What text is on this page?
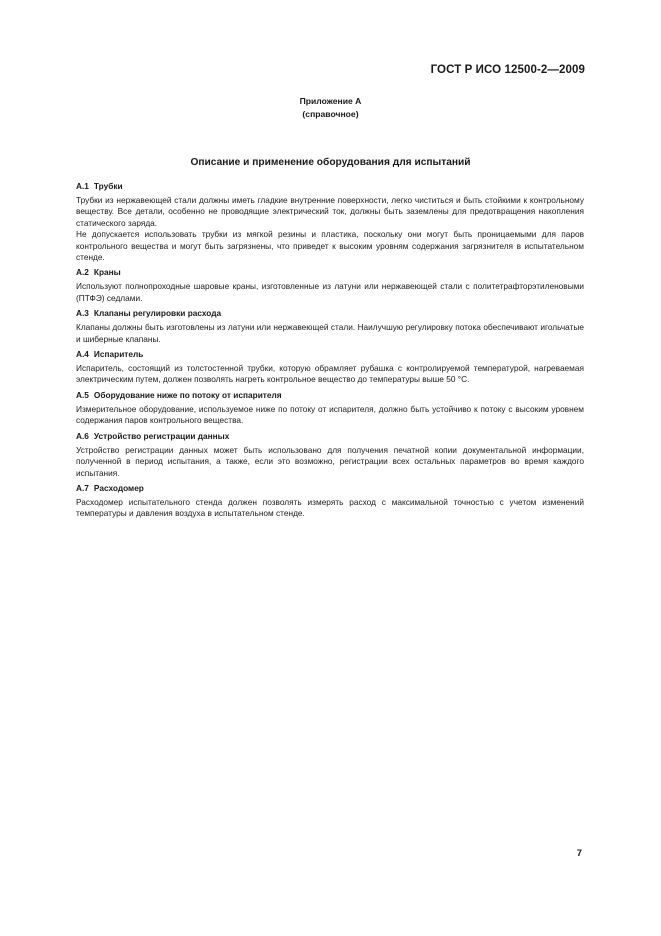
ГОСТ Р ИСО 12500-2—2009
Приложение А
(справочное)
Описание и применение оборудования для испытаний
А.1 Трубки

Трубки из нержавеющей стали должны иметь гладкие внутренние поверхности, легко чиститься и быть стойкими к контрольному веществу. Все детали, особенно не проводящие электрический ток, должны быть заземлены для предотвращения накопления статического заряда.

Не допускается использовать трубки из мягкой резины и пластика, поскольку они могут быть проницаемыми для паров контрольного вещества и могут быть загрязнены, что приведет к высоким уровням содержания загрязнителя в испытательном стенде.

А.2 Краны

Используют полнопроходные шаровые краны, изготовленные из латуни или нержавеющей стали с политетрафторэтиленовыми (ПТФЭ) седлами.

А.3 Клапаны регулировки расхода

Клапаны должны быть изготовлены из латуни или нержавеющей стали. Наилучшую регулировку потока обеспечивают игольчатые и шиберные клапаны.

А.4 Испаритель

Испаритель, состоящий из толстостенной трубки, которую обрамляет рубашка с контролируемой температурой, нагреваемая электрическим путем, должен позволять нагреть контрольное вещество до температуры выше 50 °С.

А.5 Оборудование ниже по потоку от испарителя

Измерительное оборудование, используемое ниже по потоку от испарителя, должно быть устойчиво к потоку с высоким уровнем содержания паров контрольного вещества.

А.6 Устройство регистрации данных

Устройство регистрации данных может быть использовано для получения печатной копии документальной информации, полученной в период испытания, а также, если это возможно, регистрации всех остальных параметров во время каждого испытания.

А.7 Расходомер

Расходомер испытательного стенда должен позволять измерять расход с максимальной точностью с учетом изменений температуры и давления воздуха в испытательном стенде.

7
